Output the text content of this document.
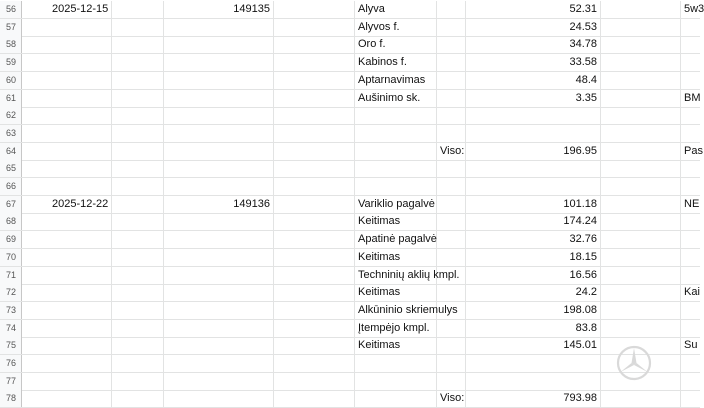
56	2025-12-15	149135	Alyva	52.31	5w3
57	Alyvos f.	24.53
58	Oro f.	34.78
59	Kabinos f.	33.58
60	Aptarnavimas	48.4
61	Aušinimo sk.	3.35	BM
62
63
64	Viso:	196.95	Pas
65
66
67	2025-12-22	149136	Variklio pagalvė	101.18	NE
68	Keitimas	174.24
69	Apatinė pagalvė	32.76
70	Keitimas	18.15
71	Techninių aklių kmpl.	16.56
72	Keitimas	24.2	Kai
73	Alkūninio skriemulys	198.08
74	Įtempėjo kmpl.	83.8
75	Keitimas	145.01	Su
76
77
78	Viso:	793.98
